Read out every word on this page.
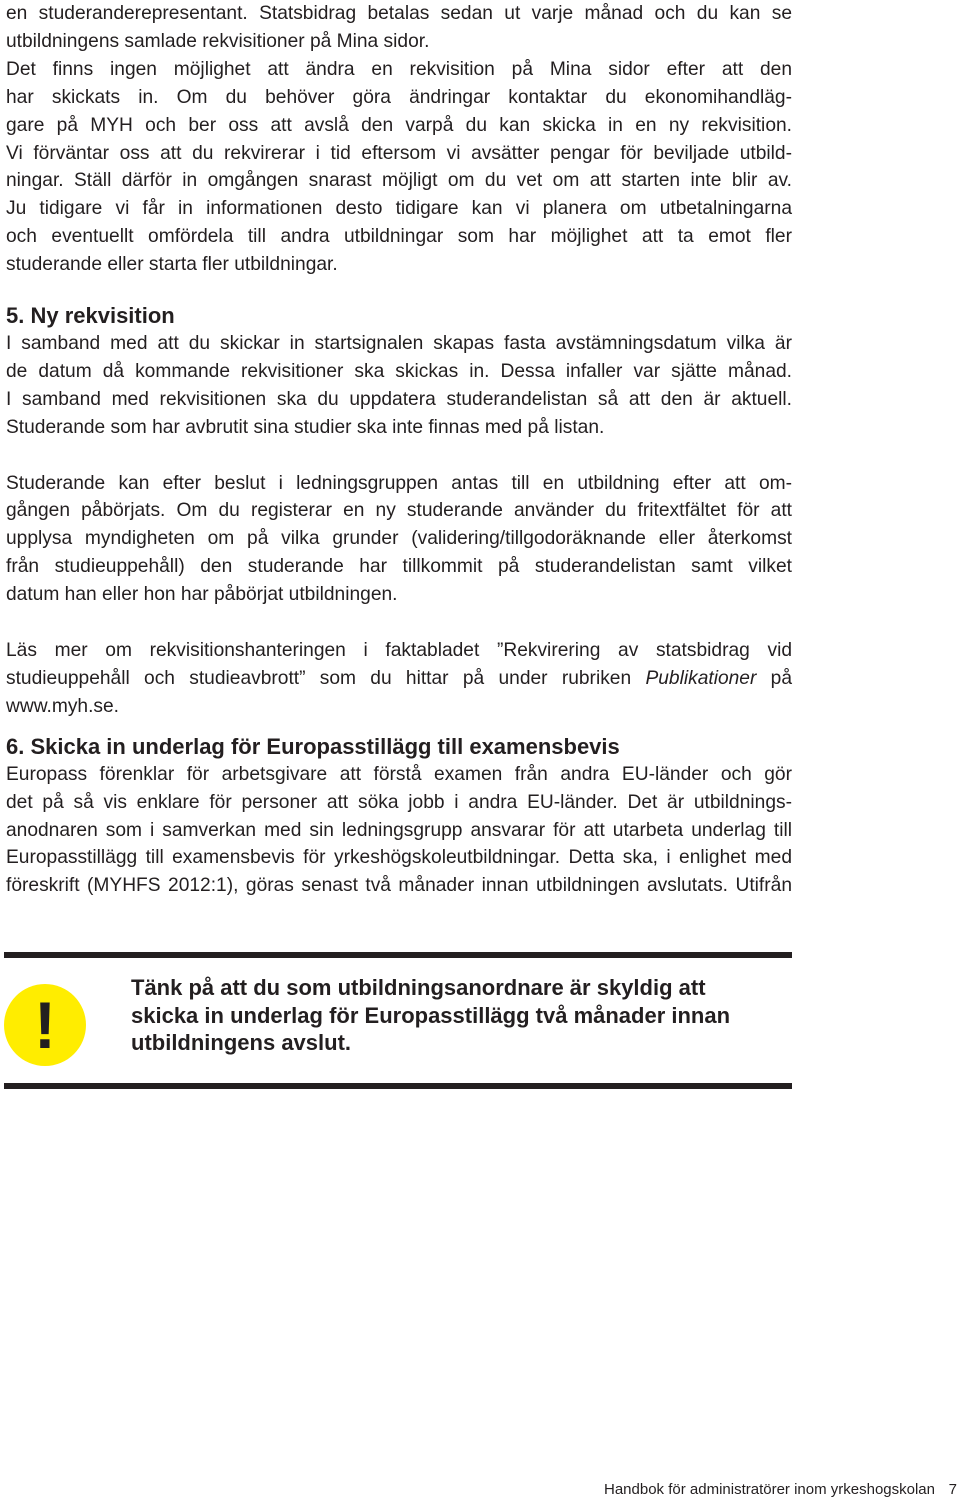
en studeranderepresentant. Statsbidrag betalas sedan ut varje månad och du kan se
utbildningens samlade rekvisitioner på Mina sidor.

Det finns ingen möjlighet att ändra en rekvisition på Mina sidor efter att den
har skickats in. Om du behöver göra ändringar kontaktar du ekonomihandläg-
gare på MYH och ber oss att avslå den varpå du kan skicka in en ny rekvisition.
Vi förväntar oss att du rekvirerar i tid eftersom vi avsätter pengar för beviljade utbild-
ningar. Ställ därför in omgången snarast möjligt om du vet om att starten inte blir av.
Ju tidigare vi får in informationen desto tidigare kan vi planera om utbetalningarna
och eventuellt omfördela till andra utbildningar som har möjlighet att ta emot fler
studerande eller starta fler utbildningar.

5. Ny rekvisition

I samband med att du skickar in startsignalen skapas fasta avstämningsdatum vilka är
de datum då kommande rekvisitioner ska skickas in. Dessa infaller var sjätte månad.
I samband med rekvisitionen ska du uppdatera studerandelistan så att den är aktuell.
Studerande som har avbrutit sina studier ska inte finnas med på listan.

Studerande kan efter beslut i ledningsgruppen antas till en utbildning efter att om-
gången påbörjats. Om du registerar en ny studerande använder du fritextfältet för att
upplysa myndigheten om på vilka grunder (validering/tillgodoräknande eller återkomst
från studieuppehåll) den studerande har tillkommit på studerandelistan samt vilket
datum han eller hon har påbörjat utbildningen.

Läs mer om rekvisitionshanteringen i faktabladet ”Rekvirering av statsbidrag vid
studieuppehåll och studieavbrott” som du hittar på under rubriken Publikationer på
www.myh.se.

6. Skicka in underlag för Europasstillägg till examensbevis

Europass förenklar för arbetsgivare att förstå examen från andra EU-länder och gör
det på så vis enklare för personer att söka jobb i andra EU-länder. Det är utbildnings-
anodnaren som i samverkan med sin ledningsgrupp ansvarar för att utarbeta underlag till
Europasstillägg till examensbevis för yrkeshögskoleutbildningar. Detta ska, i enlighet med
föreskrift (MYHFS 2012:1), göras senast två månader innan utbildningen avslutats. Utifrån

!
Tänk på att du som utbildningsanordnare är skyldig att
skicka in underlag för Europasstillägg två månader innan
utbildningens avslut.
Handbok för administratörer inom yrkeshogskolan 7
